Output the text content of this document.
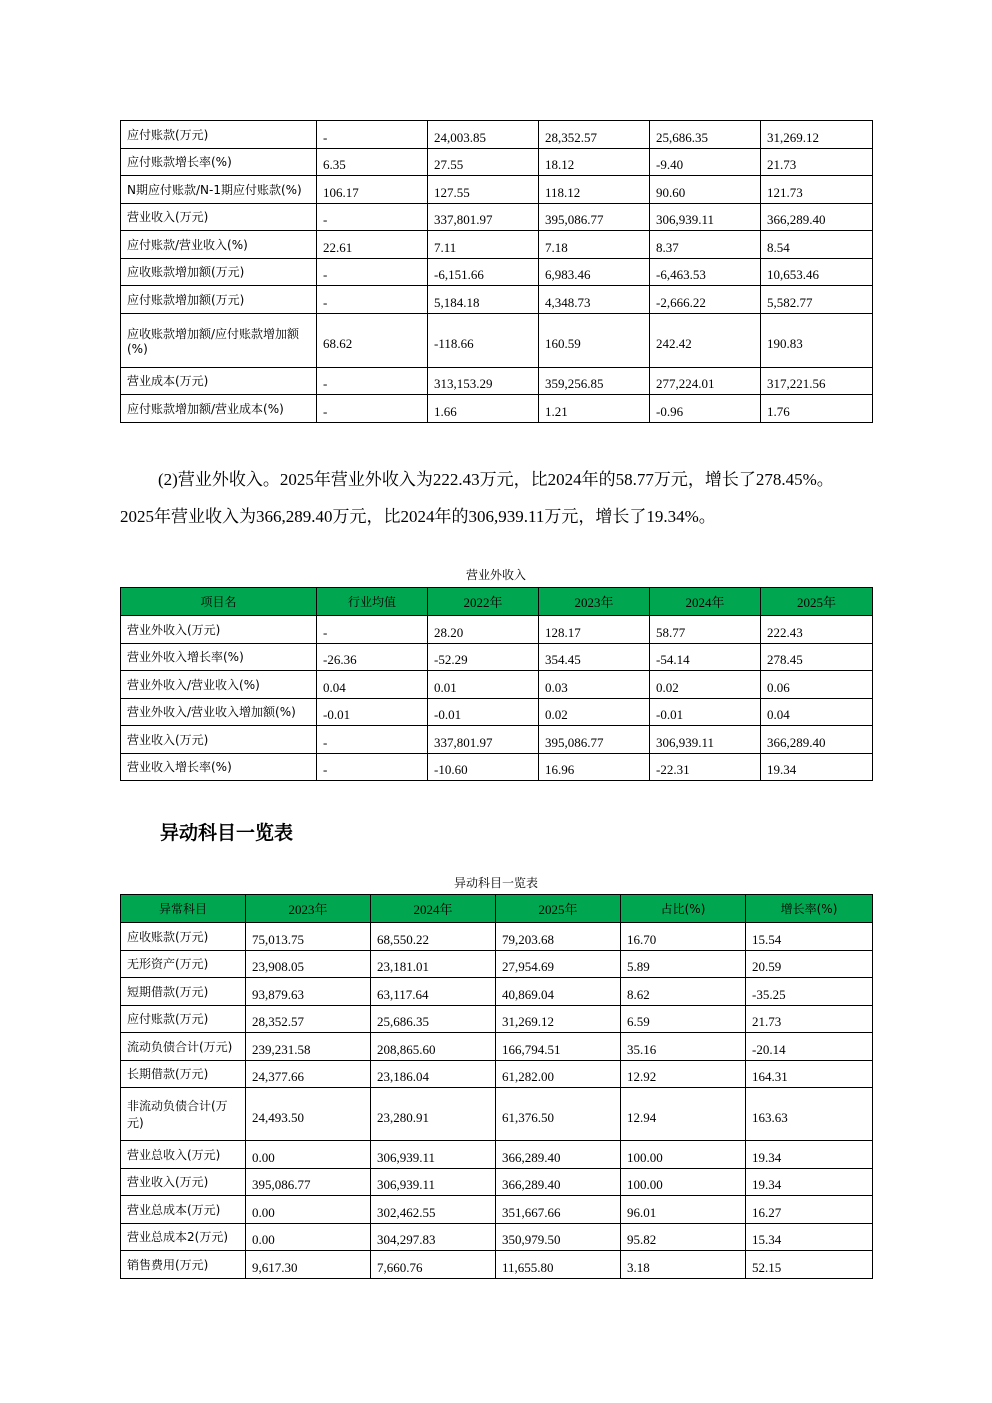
应付账款(万元)	-	24,003.85	28,352.57	25,686.35	31,269.12
应付账款增长率(%)	6.35	27.55	18.12	-9.40	21.73
N期应付账款/N-1期应付账款(%)	106.17	127.55	118.12	90.60	121.73
营业收入(万元)	-	337,801.97	395,086.77	306,939.11	366,289.40
应付账款/营业收入(%)	22.61	7.11	7.18	8.37	8.54
应收账款增加额(万元)	-	-6,151.66	6,983.46	-6,463.53	10,653.46
应付账款增加额(万元)	-	5,184.18	4,348.73	-2,666.22	5,582.77
应收账款增加额/应付账款增加额(%)	68.62	-118.66	160.59	242.42	190.83
营业成本(万元)	-	313,153.29	359,256.85	277,224.01	317,221.56
应付账款增加额/营业成本(%)	-	1.66	1.21	-0.96	1.76
(2)营业外收入。2025年营业外收入为222.43万元，比2024年的58.77万元，增长了278.45%。
2025年营业收入为366,289.40万元，比2024年的306,939.11万元，增长了19.34%。
营业外收入
项目名	行业均值	2022年	2023年	2024年	2025年
营业外收入(万元)	-	28.20	128.17	58.77	222.43
营业外收入增长率(%)	-26.36	-52.29	354.45	-54.14	278.45
营业外收入/营业收入(%)	0.04	0.01	0.03	0.02	0.06
营业外收入/营业收入增加额(%)	-0.01	-0.01	0.02	-0.01	0.04
营业收入(万元)	-	337,801.97	395,086.77	306,939.11	366,289.40
营业收入增长率(%)	-	-10.60	16.96	-22.31	19.34
异动科目一览表
异动科目一览表
异常科目	2023年	2024年	2025年	占比(%)	增长率(%)
应收账款(万元)	75,013.75	68,550.22	79,203.68	16.70	15.54
无形资产(万元)	23,908.05	23,181.01	27,954.69	5.89	20.59
短期借款(万元)	93,879.63	63,117.64	40,869.04	8.62	-35.25
应付账款(万元)	28,352.57	25,686.35	31,269.12	6.59	21.73
流动负债合计(万元)	239,231.58	208,865.60	166,794.51	35.16	-20.14
长期借款(万元)	24,377.66	23,186.04	61,282.00	12.92	164.31
非流动负债合计(万元)	24,493.50	23,280.91	61,376.50	12.94	163.63
营业总收入(万元)	0.00	306,939.11	366,289.40	100.00	19.34
营业收入(万元)	395,086.77	306,939.11	366,289.40	100.00	19.34
营业总成本(万元)	0.00	302,462.55	351,667.66	96.01	16.27
营业总成本2(万元)	0.00	304,297.83	350,979.50	95.82	15.34
销售费用(万元)	9,617.30	7,660.76	11,655.80	3.18	52.15
